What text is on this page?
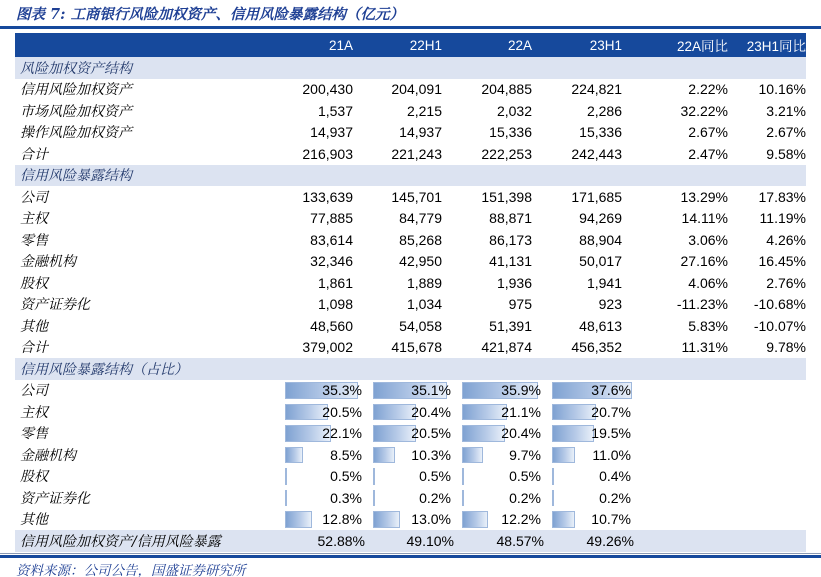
图表 7: 工商银行风险加权资产、信用风险暴露结构（亿元）
21A	22H1	22A	23H1	22A同比	23H1同比
风险加权资产结构
信用风险加权资产	200,430	204,091	204,885	224,821	2.22%	10.16%
市场风险加权资产	1,537	2,215	2,032	2,286	32.22%	3.21%
操作风险加权资产	14,937	14,937	15,336	15,336	2.67%	2.67%
合计	216,903	221,243	222,253	242,443	2.47%	9.58%
信用风险暴露结构
公司	133,639	145,701	151,398	171,685	13.29%	17.83%
主权	77,885	84,779	88,871	94,269	14.11%	11.19%
零售	83,614	85,268	86,173	88,904	3.06%	4.26%
金融机构	32,346	42,950	41,131	50,017	27.16%	16.45%
股权	1,861	1,889	1,936	1,941	4.06%	2.76%
资产证券化	1,098	1,034	975	923	-11.23%	-10.68%
其他	48,560	54,058	51,391	48,613	5.83%	-10.07%
合计	379,002	415,678	421,874	456,352	11.31%	9.78%
信用风险暴露结构（占比）
公司	35.3%	35.1%	35.9%	37.6%
主权	20.5%	20.4%	21.1%	20.7%
零售	22.1%	20.5%	20.4%	19.5%
金融机构	8.5%	10.3%	9.7%	11.0%
股权	0.5%	0.5%	0.5%	0.4%
资产证券化	0.3%	0.2%	0.2%	0.2%
其他	12.8%	13.0%	12.2%	10.7%
信用风险加权资产/信用风险暴露	52.88%	49.10%	48.57%	49.26%
资料来源：公司公告，国盛证券研究所
